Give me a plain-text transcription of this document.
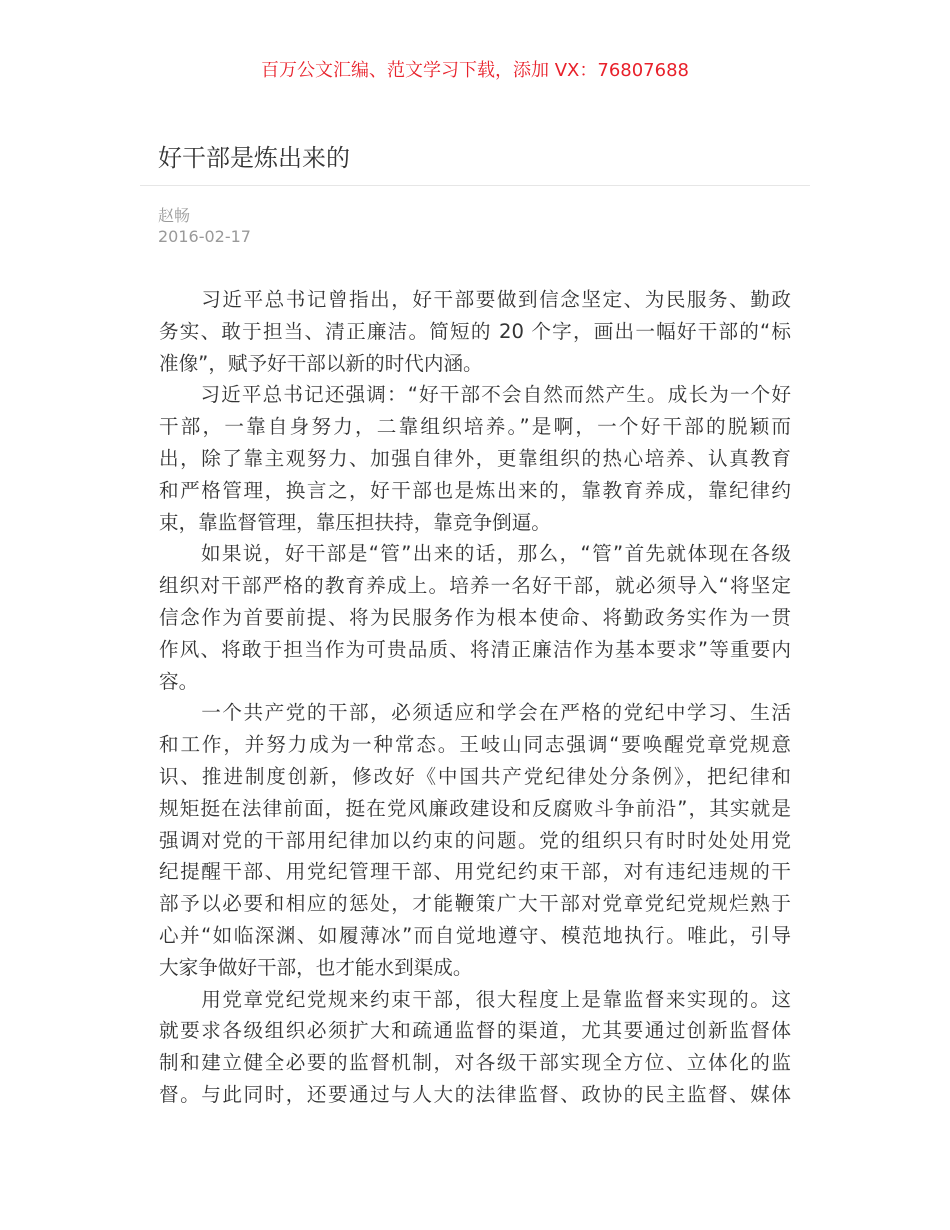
百万公文汇编、范文学习下载，添加 VX：76807688
好干部是炼出来的
赵畅
2016-02-17
　　习近平总书记曾指出，好干部要做到信念坚定、为民服务、勤政
务实、敢于担当、清正廉洁。简短的 20 个字，画出一幅好干部的“标
准像”，赋予好干部以新的时代内涵。
　　习近平总书记还强调：“好干部不会自然而然产生。成长为一个好
干部，一靠自身努力，二靠组织培养。”是啊，一个好干部的脱颖而
出，除了靠主观努力、加强自律外，更靠组织的热心培养、认真教育
和严格管理，换言之，好干部也是炼出来的，靠教育养成，靠纪律约
束，靠监督管理，靠压担扶持，靠竞争倒逼。
　　如果说，好干部是“管”出来的话，那么，“管”首先就体现在各级
组织对干部严格的教育养成上。培养一名好干部，就必须导入“将坚定
信念作为首要前提、将为民服务作为根本使命、将勤政务实作为一贯
作风、将敢于担当作为可贵品质、将清正廉洁作为基本要求”等重要内
容。
　　一个共产党的干部，必须适应和学会在严格的党纪中学习、生活
和工作，并努力成为一种常态。王岐山同志强调“要唤醒党章党规意
识、推进制度创新，修改好《中国共产党纪律处分条例》，把纪律和
规矩挺在法律前面，挺在党风廉政建设和反腐败斗争前沿”，其实就是
强调对党的干部用纪律加以约束的问题。党的组织只有时时处处用党
纪提醒干部、用党纪管理干部、用党纪约束干部，对有违纪违规的干
部予以必要和相应的惩处，才能鞭策广大干部对党章党纪党规烂熟于
心并“如临深渊、如履薄冰”而自觉地遵守、模范地执行。唯此，引导
大家争做好干部，也才能水到渠成。
　　用党章党纪党规来约束干部，很大程度上是靠监督来实现的。这
就要求各级组织必须扩大和疏通监督的渠道，尤其要通过创新监督体
制和建立健全必要的监督机制，对各级干部实现全方位、立体化的监
督。与此同时，还要通过与人大的法律监督、政协的民主监督、媒体
